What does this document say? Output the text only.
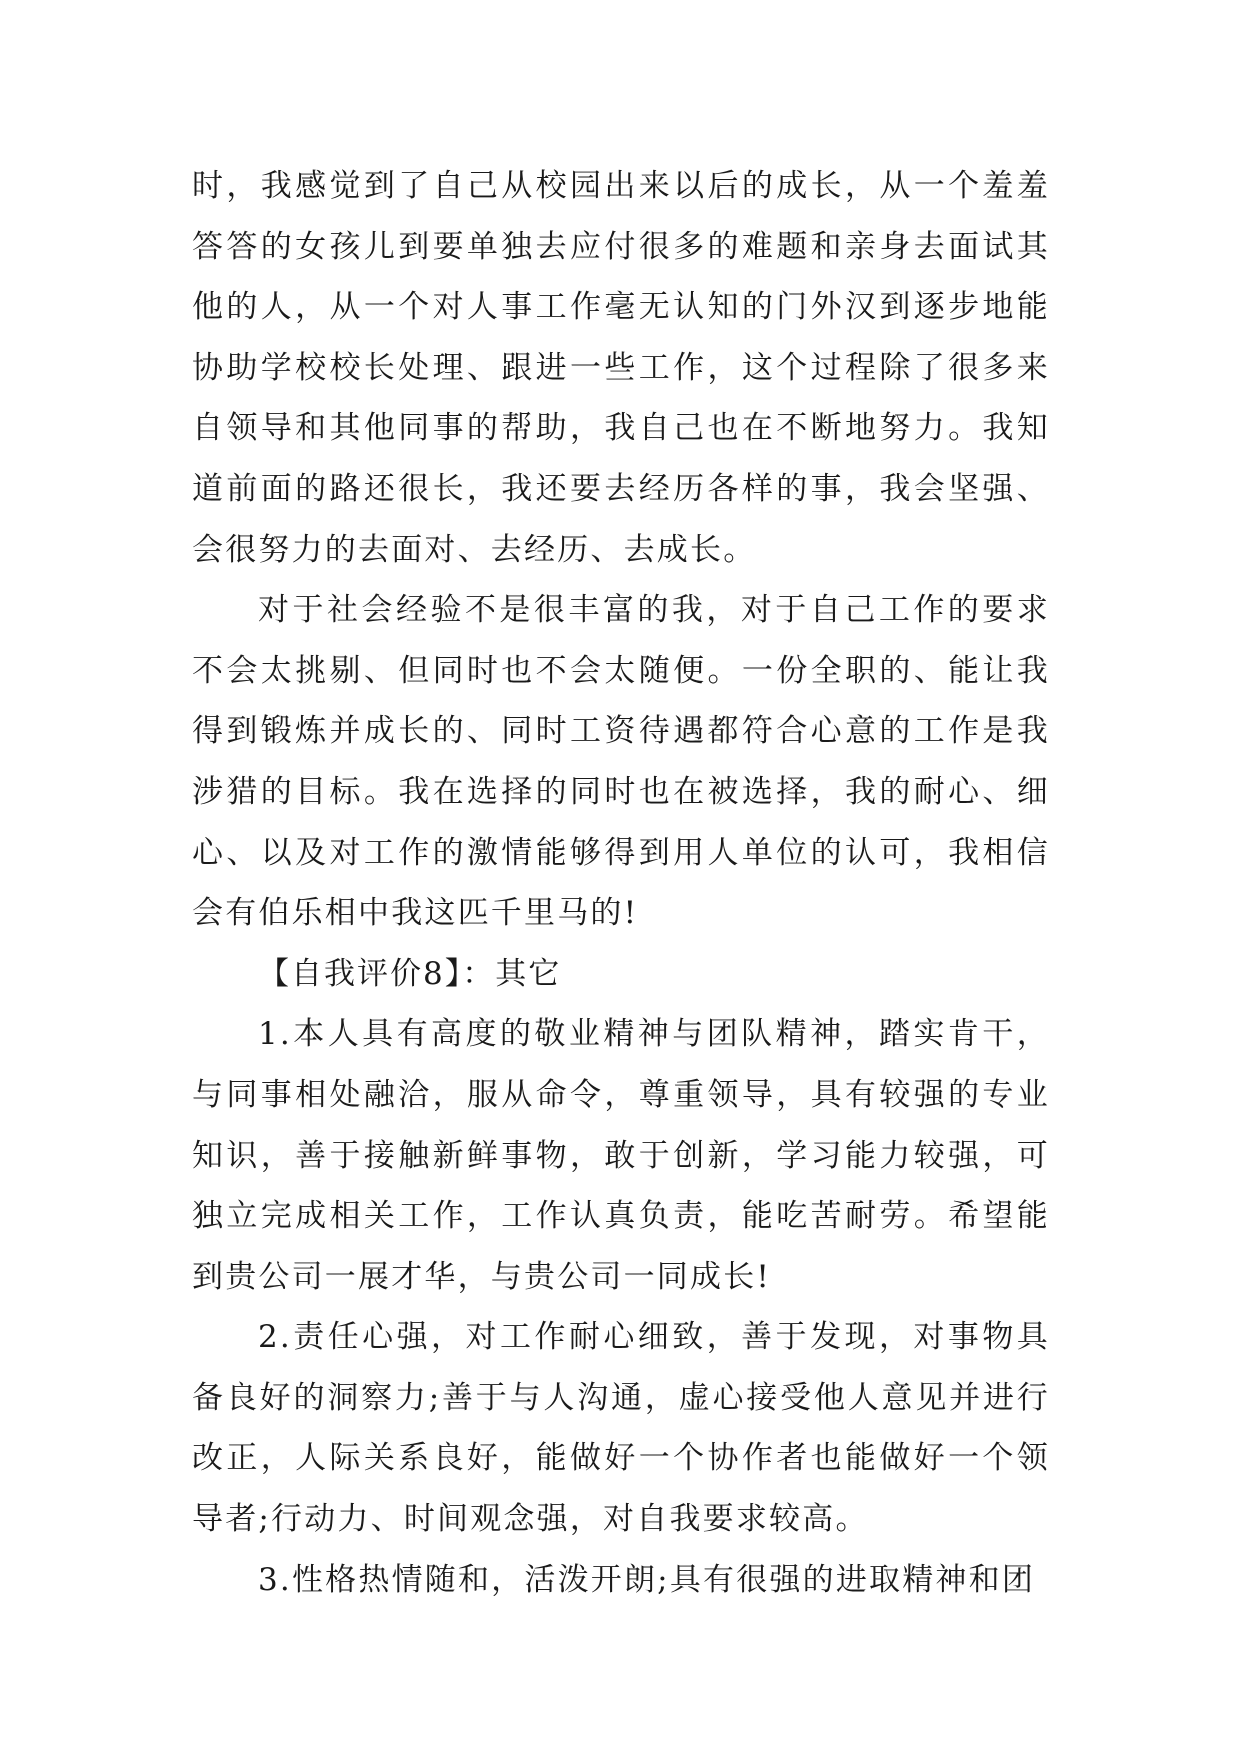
时，我感觉到了自己从校园出来以后的成长，从一个羞羞答答的女孩儿到要单独去应付很多的难题和亲身去面试其他的人，从一个对人事工作毫无认知的门外汉到逐步地能协助学校校长处理、跟进一些工作，这个过程除了很多来自领导和其他同事的帮助，我自己也在不断地努力。我知道前面的路还很长，我还要去经历各样的事，我会坚强、会很努力的去面对、去经历、去成长。

对于社会经验不是很丰富的我，对于自己工作的要求不会太挑剔、但同时也不会太随便。一份全职的、能让我得到锻炼并成长的、同时工资待遇都符合心意的工作是我涉猎的目标。我在选择的同时也在被选择，我的耐心、细心、以及对工作的激情能够得到用人单位的认可，我相信会有伯乐相中我这匹千里马的!

【自我评价8】：其它

1.本人具有高度的敬业精神与团队精神，踏实肯干，与同事相处融洽，服从命令，尊重领导，具有较强的专业知识，善于接触新鲜事物，敢于创新，学习能力较强，可独立完成相关工作，工作认真负责，能吃苦耐劳。希望能到贵公司一展才华，与贵公司一同成长!

2.责任心强，对工作耐心细致，善于发现，对事物具备良好的洞察力;善于与人沟通，虚心接受他人意见并进行改正，人际关系良好，能做好一个协作者也能做好一个领导者;行动力、时间观念强，对自我要求较高。

3.性格热情随和，活泼开朗;具有很强的进取精神和团
